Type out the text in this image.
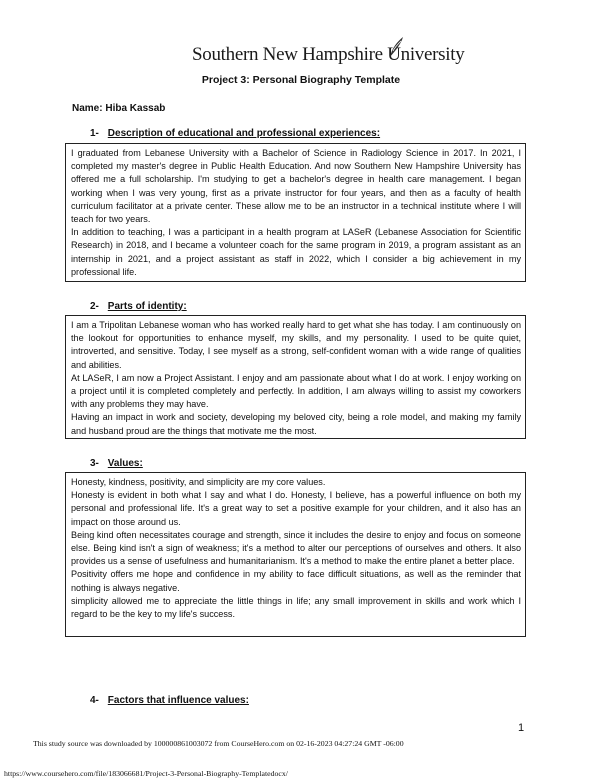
Southern New Hampshire University
Project 3: Personal Biography Template
Name: Hiba Kassab
1- Description of educational and professional experiences:

I graduated from Lebanese University with a Bachelor of Science in Radiology Science in 2017. In 2021, I completed my master's degree in Public Health Education. And now Southern New Hampshire University has offered me a full scholarship. I'm studying to get a bachelor's degree in health care management. I began working when I was very young, first as a private instructor for four years, and then as a faculty of health curriculum facilitator at a private center. These allow me to be an instructor in a technical institute where I will teach for two years.

In addition to teaching, I was a participant in a health program at LASeR (Lebanese Association for Scientific Research) in 2018, and I became a volunteer coach for the same program in 2019, a program assistant as an internship in 2021, and a project assistant as staff in 2022, which I consider a big achievement in my professional life.

2- Parts of identity:

I am a Tripolitan Lebanese woman who has worked really hard to get what she has today. I am continuously on the lookout for opportunities to enhance myself, my skills, and my personality. I used to be quite quiet, introverted, and sensitive. Today, I see myself as a strong, self-confident woman with a wide range of qualities and abilities.

At LASeR, I am now a Project Assistant. I enjoy and am passionate about what I do at work. I enjoy working on a project until it is completed completely and perfectly. In addition, I am always willing to assist my coworkers with any problems they may have.

Having an impact in work and society, developing my beloved city, being a role model, and making my family and husband proud are the things that motivate me the most.

3- Values:

Honesty, kindness, positivity, and simplicity are my core values.

Honesty is evident in both what I say and what I do. Honesty, I believe, has a powerful influence on both my personal and professional life. It's a great way to set a positive example for your children, and it also has an impact on those around us.

Being kind often necessitates courage and strength, since it includes the desire to enjoy and focus on someone else. Being kind isn't a sign of weakness; it's a method to alter our perceptions of ourselves and others. It also provides us a sense of usefulness and humanitarianism. It's a method to make the entire planet a better place.

Positivity offers me hope and confidence in my ability to face difficult situations, as well as the reminder that nothing is always negative.

simplicity allowed me to appreciate the little things in life; any small improvement in skills and work which I regard to be the key to my life's success.

4- Factors that influence values:
1
This study source was downloaded by 100000861003072 from CourseHero.com on 02-16-2023 04:27:24 GMT -06:00
https://www.coursehero.com/file/183066681/Project-3-Personal-Biography-Templatedocx/
